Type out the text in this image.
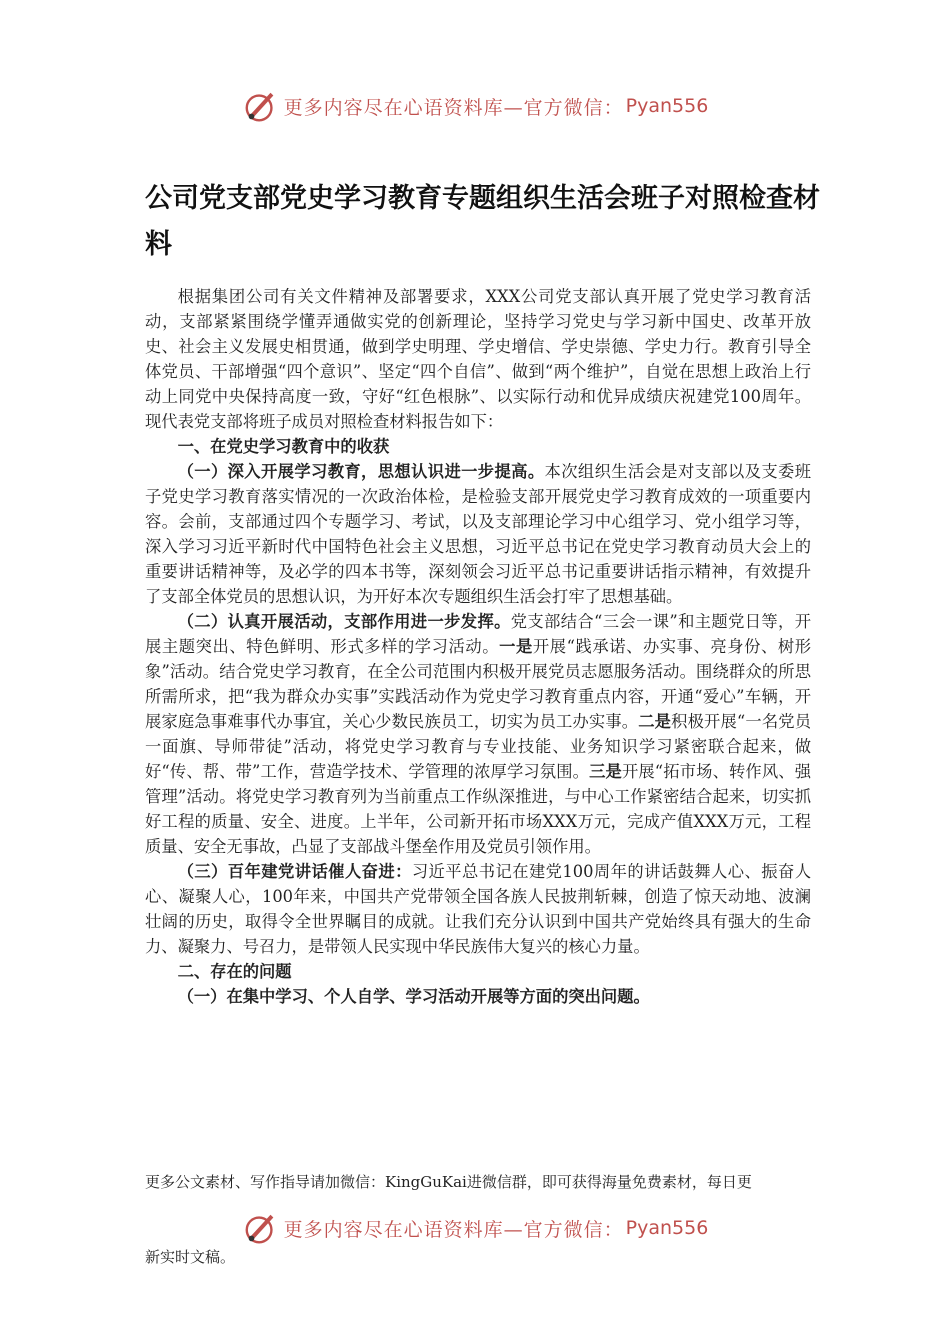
更多内容尽在心语资料库—官方微信： Pyan556
公司党支部党史学习教育专题组织生活会班子对照检查材料

根据集团公司有关文件精神及部署要求，XXX公司党支部认真开展了党史学习教育活动，支部紧紧围绕学懂弄通做实党的创新理论，坚持学习党史与学习新中国史、改革开放史、社会主义发展史相贯通，做到学史明理、学史增信、学史崇德、学史力行。教育引导全体党员、干部增强“四个意识”、坚定“四个自信”、做到“两个维护”，自觉在思想上政治上行动上同党中央保持高度一致，守好“红色根脉”、以实际行动和优异成绩庆祝建党100周年。现代表党支部将班子成员对照检查材料报告如下：

一、在党史学习教育中的收获

（一）深入开展学习教育，思想认识进一步提高。本次组织生活会是对支部以及支委班子党史学习教育落实情况的一次政治体检，是检验支部开展党史学习教育成效的一项重要内容。会前，支部通过四个专题学习、考试，以及支部理论学习中心组学习、党小组学习等，深入学习习近平新时代中国特色社会主义思想，习近平总书记在党史学习教育动员大会上的重要讲话精神等，及必学的四本书等，深刻领会习近平总书记重要讲话指示精神，有效提升了支部全体党员的思想认识，为开好本次专题组织生活会打牢了思想基础。

（二）认真开展活动，支部作用进一步发挥。党支部结合“三会一课”和主题党日等，开展主题突出、特色鲜明、形式多样的学习活动。一是开展“践承诺、办实事、亮身份、树形象”活动。结合党史学习教育，在全公司范围内积极开展党员志愿服务活动。围绕群众的所思所需所求，把“我为群众办实事”实践活动作为党史学习教育重点内容，开通“爱心”车辆，开展家庭急事难事代办事宜，关心少数民族员工，切实为员工办实事。二是积极开展“一名党员一面旗、导师带徒”活动，将党史学习教育与专业技能、业务知识学习紧密联合起来，做好“传、帮、带”工作，营造学技术、学管理的浓厚学习氛围。三是开展“拓市场、转作风、强管理”活动。将党史学习教育列为当前重点工作纵深推进，与中心工作紧密结合起来，切实抓好工程的质量、安全、进度。上半年，公司新开拓市场XXX万元，完成产值XXX万元，工程质量、安全无事故，凸显了支部战斗堡垒作用及党员引领作用。

（三）百年建党讲话催人奋进：习近平总书记在建党100周年的讲话鼓舞人心、振奋人心、凝聚人心，100年来，中国共产党带领全国各族人民披荆斩棘，创造了惊天动地、波澜壮阔的历史，取得令全世界瞩目的成就。让我们充分认识到中国共产党始终具有强大的生命力、凝聚力、号召力，是带领人民实现中华民族伟大复兴的核心力量。

二、存在的问题

（一）在集中学习、个人自学、学习活动开展等方面的突出问题。

更多公文素材、写作指导请加微信：KingGuKai进微信群，即可获得海量免费素材，每日更
更多内容尽在心语资料库—官方微信： Pyan556
新实时文稿。
